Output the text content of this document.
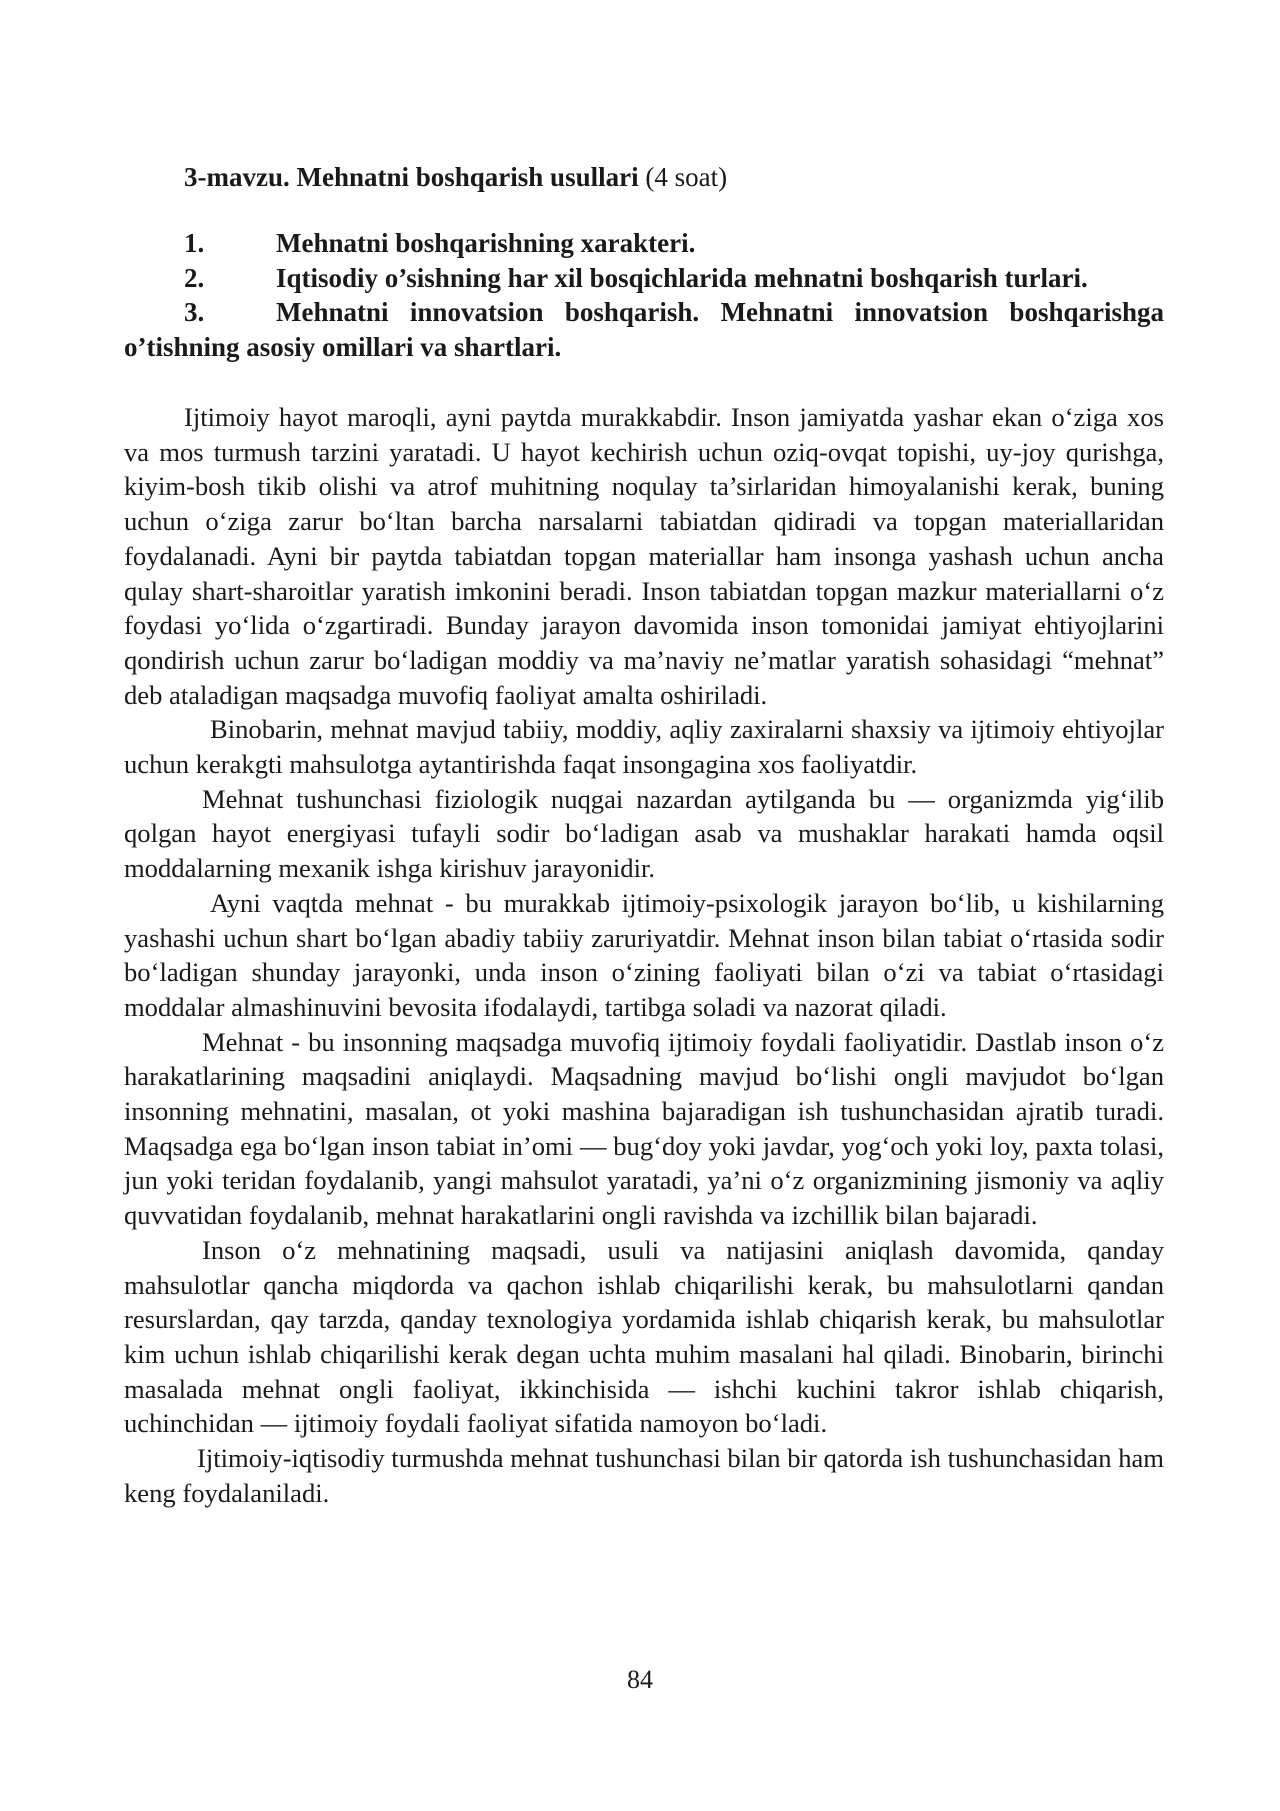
3-mavzu. Mehnatni boshqarish usullari (4 soat)

1.	Mehnatni boshqarishning xarakteri.

2.	Iqtisodiy o’sishning har xil bosqichlarida mehnatni boshqarish turlari.

3.	Mehnatni innovatsion boshqarish. Mehnatni innovatsion boshqarishga o’tishning asosiy omillari va shartlari.

Ijtimoiy hayot maroqli, ayni paytda murakkabdir. Inson jamiyatda yashar ekan o‘ziga xos va mos turmush tarzini yaratadi. U hayot kechirish uchun oziq-ovqat topishi, uy-joy qurishga, kiyim-bosh tikib olishi va atrof muhitning noqulay ta’sirlaridan himoyalanishi kerak, buning uchun o‘ziga zarur bo‘ltan barcha narsalarni tabiatdan qidiradi va topgan materiallaridan foydalanadi. Ayni bir paytda tabiatdan topgan materiallar ham insonga yashash uchun ancha qulay shart-sharoitlar yaratish imkonini beradi. Inson tabiatdan topgan mazkur materiallarni o‘z foydasi yo‘lida o‘zgartiradi. Bunday jarayon davomida inson tomonidai jamiyat ehtiyojlarini qondirish uchun zarur bo‘ladigan moddiy va ma’naviy ne’matlar yaratish sohasidagi “mehnat” deb ataladigan maqsadga muvofiq faoliyat amalta oshiriladi.

Binobarin, mehnat mavjud tabiiy, moddiy, aqliy zaxiralarni shaxsiy va ijtimoiy ehtiyojlar uchun kerakgti mahsulotga aytantirishda faqat insongagina xos faoliyatdir.

Mehnat tushunchasi fiziologik nuqgai nazardan aytilganda bu — organizmda yig‘ilib qolgan hayot energiyasi tufayli sodir bo‘ladigan asab va mushaklar harakati hamda oqsil moddalarning mexanik ishga kirishuv jarayonidir.

Ayni vaqtda mehnat - bu murakkab ijtimoiy-psixologik jarayon bo‘lib, u kishilarning yashashi uchun shart bo‘lgan abadiy tabiiy zaruriyatdir. Mehnat inson bilan tabiat o‘rtasida sodir bo‘ladigan shunday jarayonki, unda inson o‘zining faoliyati bilan o‘zi va tabiat o‘rtasidagi moddalar almashinuvini bevosita ifodalaydi, tartibga soladi va nazorat qiladi.

Mehnat - bu insonning maqsadga muvofiq ijtimoiy foydali faoliyatidir. Dastlab inson o‘z harakatlarining maqsadini aniqlaydi. Maqsadning mavjud bo‘lishi ongli mavjudot bo‘lgan insonning mehnatini, masalan, ot yoki mashina bajaradigan ish tushunchasidan ajratib turadi. Maqsadga ega bo‘lgan inson tabiat in’omi — bug‘doy yoki javdar, yog‘och yoki loy, paxta tolasi, jun yoki teridan foydalanib, yangi mahsulot yaratadi, ya’ni o‘z organizmining jismoniy va aqliy quvvatidan foydalanib, mehnat harakatlarini ongli ravishda va izchillik bilan bajaradi.

Inson o‘z mehnatining maqsadi, usuli va natijasini aniqlash davomida, qanday mahsulotlar qancha miqdorda va qachon ishlab chiqarilishi kerak, bu mahsulotlarni qandan resurslardan, qay tarzda, qanday texnologiya yordamida ishlab chiqarish kerak, bu mahsulotlar kim uchun ishlab chiqarilishi kerak degan uchta muhim masalani hal qiladi. Binobarin, birinchi masalada mehnat ongli faoliyat, ikkinchisida — ishchi kuchini takror ishlab chiqarish, uchinchidan — ijtimoiy foydali faoliyat sifatida namoyon bo‘ladi.

Ijtimoiy-iqtisodiy turmushda mehnat tushunchasi bilan bir qatorda ish tushunchasidan ham keng foydalaniladi.

84
